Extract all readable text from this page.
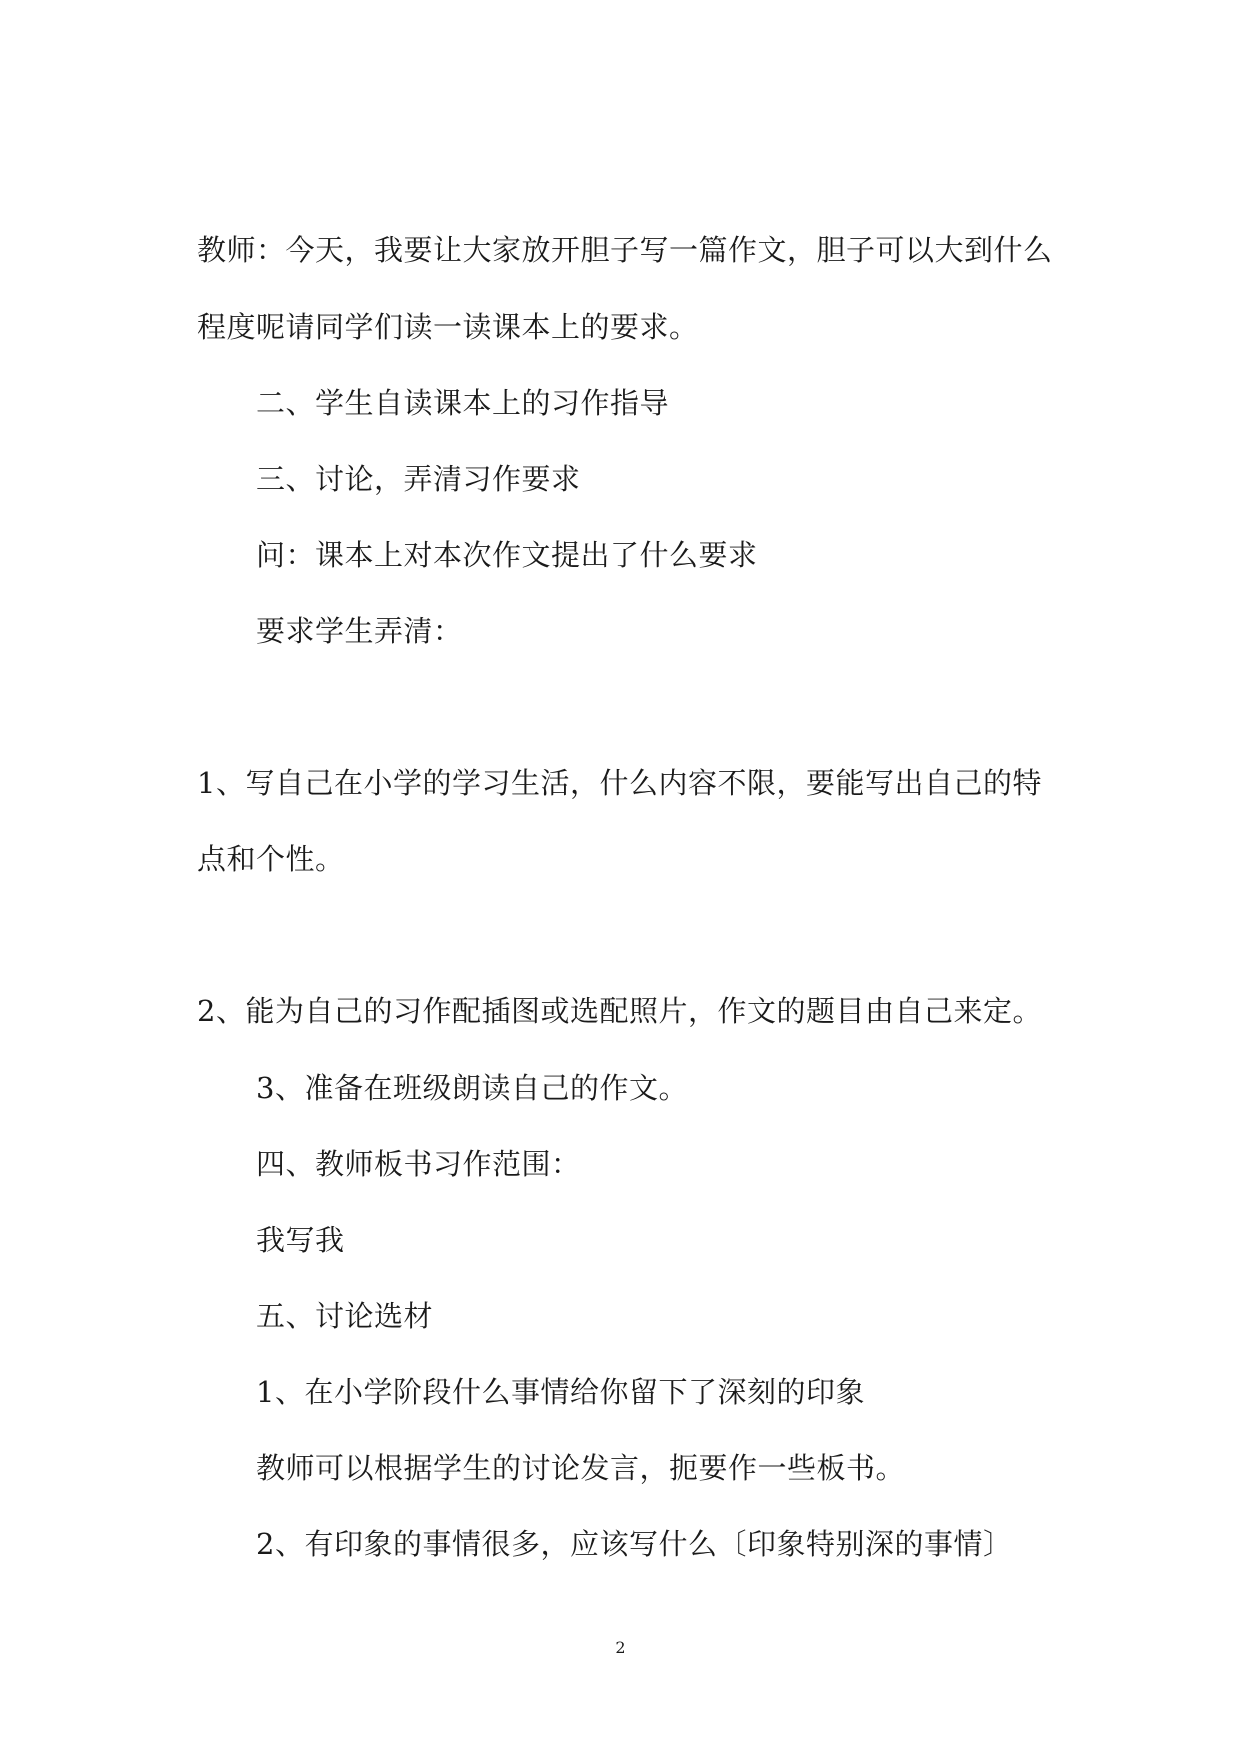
教师：今天，我要让大家放开胆子写一篇作文，胆子可以大到什么
程度呢请同学们读一读课本上的要求。
二、学生自读课本上的习作指导
三、讨论，弄清习作要求
问：课本上对本次作文提出了什么要求
要求学生弄清：
1、写自己在小学的学习生活，什么内容不限，要能写出自己的特
点和个性。
2、能为自己的习作配插图或选配照片，作文的题目由自己来定。
3、准备在班级朗读自己的作文。
四、教师板书习作范围：
我写我
五、讨论选材
1、在小学阶段什么事情给你留下了深刻的印象
教师可以根据学生的讨论发言，扼要作一些板书。
2、有印象的事情很多，应该写什么〔印象特别深的事情〕
2
